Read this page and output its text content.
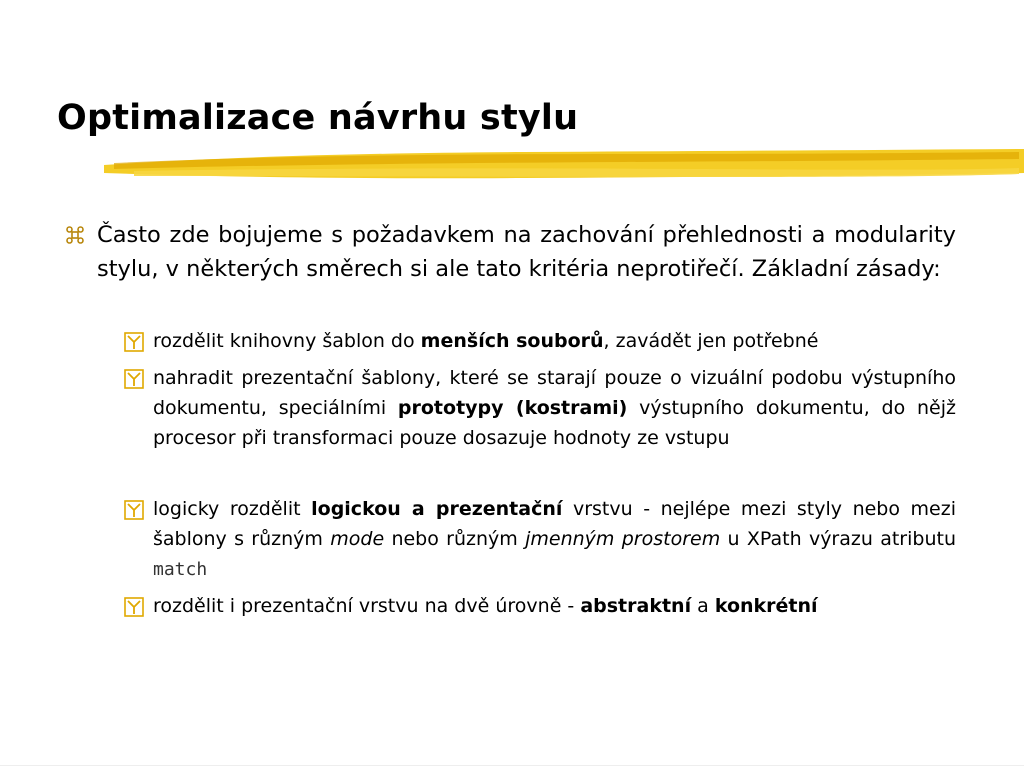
Optimalizace návrhu stylu

Často zde bojujeme s požadavkem na zachování přehlednosti a modularity stylu, v některých směrech si ale tato kritéria neprotiřečí. Základní zásady:

rozdělit knihovny šablon do menších souborů, zavádět jen potřebné

nahradit prezentační šablony, které se starají pouze o vizuální podobu výstupního dokumentu, speciálními prototypy (kostrami) výstupního dokumentu, do nějž procesor při transformaci pouze dosazuje hodnoty ze vstupu

logicky rozdělit logickou a prezentační vrstvu - nejlépe mezi styly nebo mezi šablony s různým mode nebo různým jmenným prostorem u XPath výrazu atributu match

rozdělit i prezentační vrstvu na dvě úrovně - abstraktní a konkrétní
